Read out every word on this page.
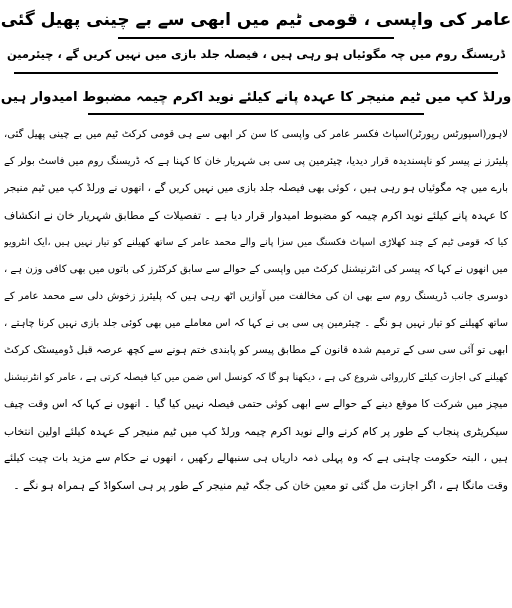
عامر کی واپسی ، قومی ٹیم میں ابھی سے بے چینی پھیل گئی
ڈریسنگ روم میں چہ مگوئیاں ہو رہی ہیں ، فیصلہ جلد بازی میں نہیں کریں گے ، چیئرمین
ورلڈ کپ میں ٹیم منیجر کا عہدہ پانے کیلئے نوید اکرم چیمہ مضبوط امیدوار ہیں
لاہور(اسپورٹس رپورٹر)اسپاٹ فکسر عامر کی واپسی کا سن کر ابھی سے ہی قومی کرکٹ ٹیم میں بے چینی پھیل گئی،
پلیئرز نے پیسر کو ناپسندیدہ قرار دیدیا، چیئرمین پی سی بی شہریار خان کا کہنا ہے کہ ڈریسنگ روم میں فاسٹ بولر کے
بارے میں چہ مگوئیاں ہو رہی ہیں ، کوئی بھی فیصلہ جلد بازی میں نہیں کریں گے ، انھوں نے ورلڈ کپ میں ٹیم منیجر
کا عہدہ پانے کیلئے نوید اکرم چیمہ کو مضبوط امیدوار قرار دیا ہے ۔ تفصیلات کے مطابق شہریار خان نے انکشاف
کیا کہ قومی ٹیم کے چند کھلاڑی اسپاٹ فکسنگ میں سزا پانے والے محمد عامر کے ساتھ کھیلنے کو تیار نہیں ہیں ،ایک انٹرویو
میں انھوں نے کہا کہ پیسر کی انٹرنیشنل کرکٹ میں واپسی کے حوالے سے سابق کرکٹرز کی باتوں میں بھی کافی وزن ہے ،
دوسری جانب ڈریسنگ روم سے بھی ان کی مخالفت میں آوازیں اٹھ رہی ہیں کہ پلیئرز زخوش دلی سے محمد عامر کے
ساتھ کھیلنے کو تیار نہیں ہو نگے ۔ چیئرمین پی سی بی نے کہا کہ اس معاملے میں بھی کوئی جلد بازی نہیں کرنا چاہتے ،
ابھی تو آئی سی سی کے ترمیم شدہ قانون کے مطابق پیسر کو پابندی ختم ہونے سے کچھ عرصہ قبل ڈومیسٹک کرکٹ
کھیلنے کی اجازت کیلئے کارروائی شروع کی ہے ، دیکھنا ہو گا کہ کونسل اس ضمن میں کیا فیصلہ کرتی ہے ، عامر کو انٹرنیشنل
میچز میں شرکت کا موقع دینے کے حوالے سے ابھی کوئی حتمی فیصلہ نہیں کیا گیا ۔ انھوں نے کہا کہ اس وقت چیف
سیکریٹری پنجاب کے طور پر کام کرنے والے نوید اکرم چیمہ ورلڈ کپ میں ٹیم منیجر کے عہدہ کیلئے اولین انتخاب
ہیں ، البتہ حکومت چاہتی ہے کہ وہ پہلی ذمہ داریاں ہی سنبھالے رکھیں ، انھوں نے حکام سے مزید بات چیت کیلئے
وقت مانگا ہے ، اگر اجازت مل گئی تو معین خان کی جگہ ٹیم منیجر کے طور پر ہی اسکواڈ کے ہمراہ ہو نگے ۔
